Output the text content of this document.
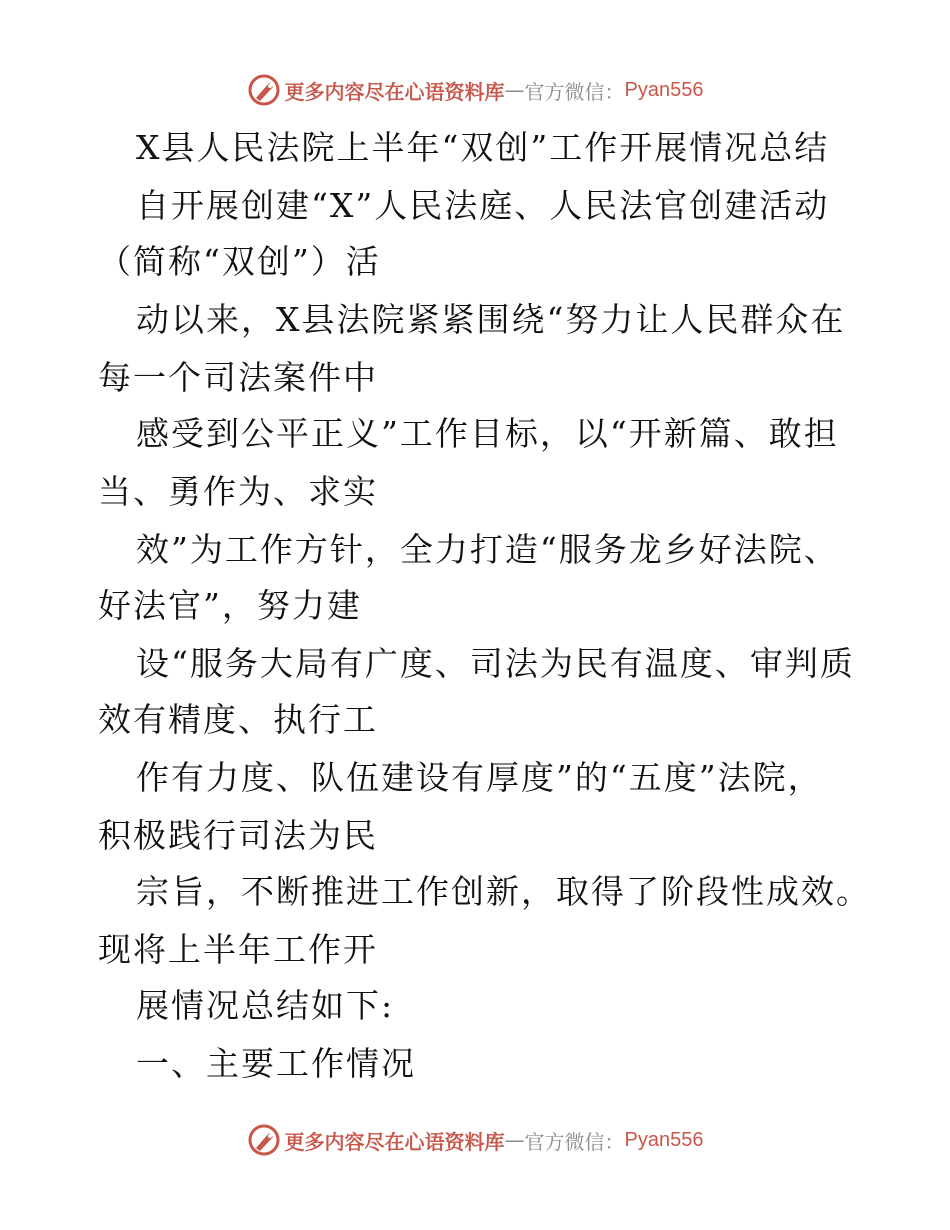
更多内容尽在心语资料库 — 官方微信： Pyan556
X县人民法院上半年“双创”工作开展情况总结
自开展创建“X”人民法庭、人民法官创建活动
（简称“双创”）活
动以来，X县法院紧紧围绕“努力让人民群众在
每一个司法案件中
感受到公平正义”工作目标，以“开新篇、敢担
当、勇作为、求实
效”为工作方针，全力打造“服务龙乡好法院、
好法官”，努力建
设“服务大局有广度、司法为民有温度、审判质
效有精度、执行工
作有力度、队伍建设有厚度”的“五度”法院，
积极践行司法为民
宗旨，不断推进工作创新，取得了阶段性成效。
现将上半年工作开
展情况总结如下:
一、主要工作情况
更多内容尽在心语资料库 — 官方微信： Pyan556
